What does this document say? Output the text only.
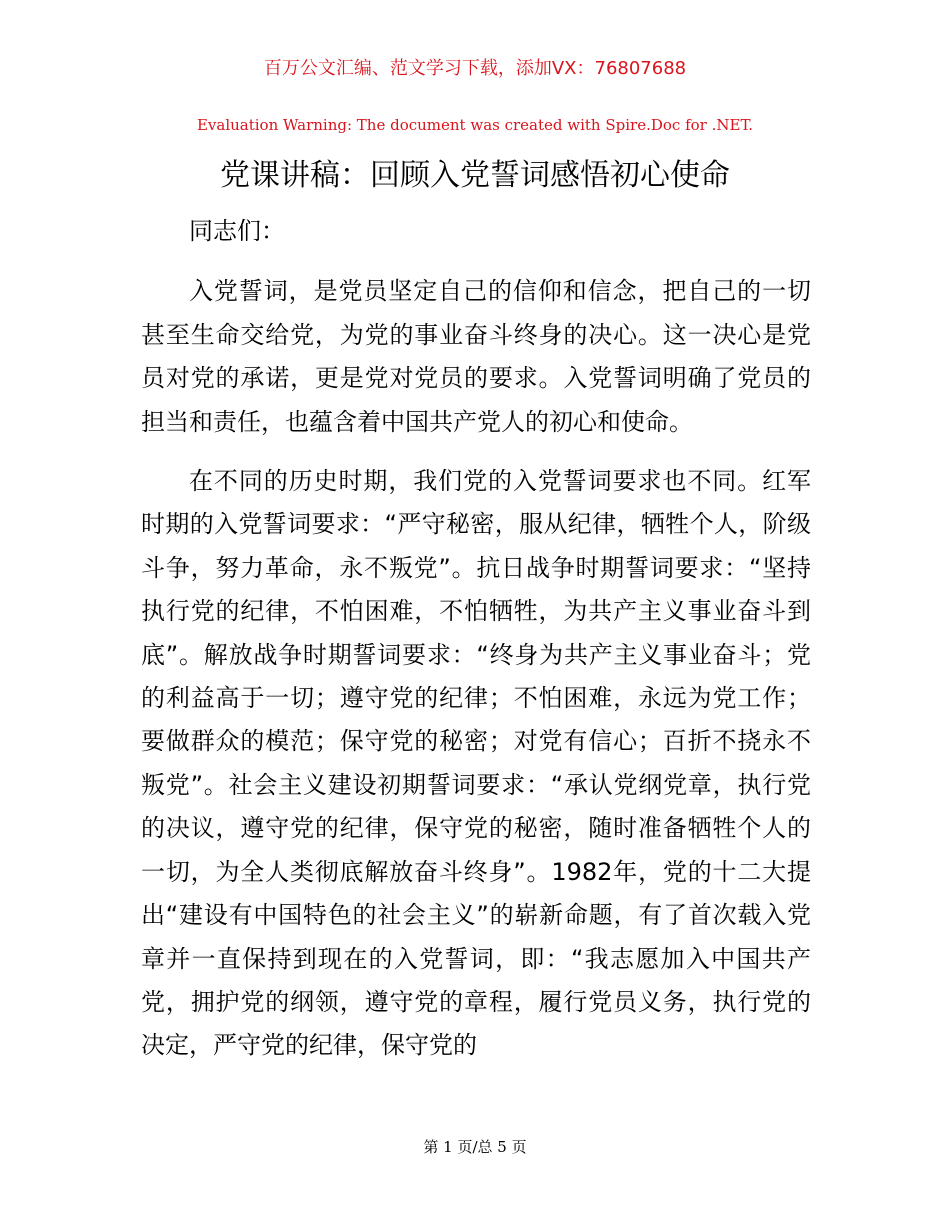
百万公文汇编、范文学习下载，添加VX：76807688
Evaluation Warning: The document was created with Spire.Doc for .NET.
党课讲稿：回顾入党誓词感悟初心使命

同志们：

入党誓词，是党员坚定自己的信仰和信念，把自己的一切甚至生命交给党，为党的事业奋斗终身的决心。这一决心是党员对党的承诺，更是党对党员的要求。入党誓词明确了党员的担当和责任，也蕴含着中国共产党人的初心和使命。

在不同的历史时期，我们党的入党誓词要求也不同。红军时期的入党誓词要求：“严守秘密，服从纪律，牺牲个人，阶级斗争，努力革命，永不叛党”。抗日战争时期誓词要求：“坚持执行党的纪律，不怕困难，不怕牺牲，为共产主义事业奋斗到底”。解放战争时期誓词要求：“终身为共产主义事业奋斗；党的利益高于一切；遵守党的纪律；不怕困难，永远为党工作；要做群众的模范；保守党的秘密；对党有信心；百折不挠永不叛党”。社会主义建设初期誓词要求：“承认党纲党章，执行党的决议，遵守党的纪律，保守党的秘密，随时准备牺牲个人的一切，为全人类彻底解放奋斗终身”。1982年，党的十二大提出“建设有中国特色的社会主义”的崭新命题，有了首次载入党章并一直保持到现在的入党誓词，即：“我志愿加入中国共产党，拥护党的纲领，遵守党的章程，履行党员义务，执行党的决定，严守党的纪律，保守党的

第 1 页/总 5 页
